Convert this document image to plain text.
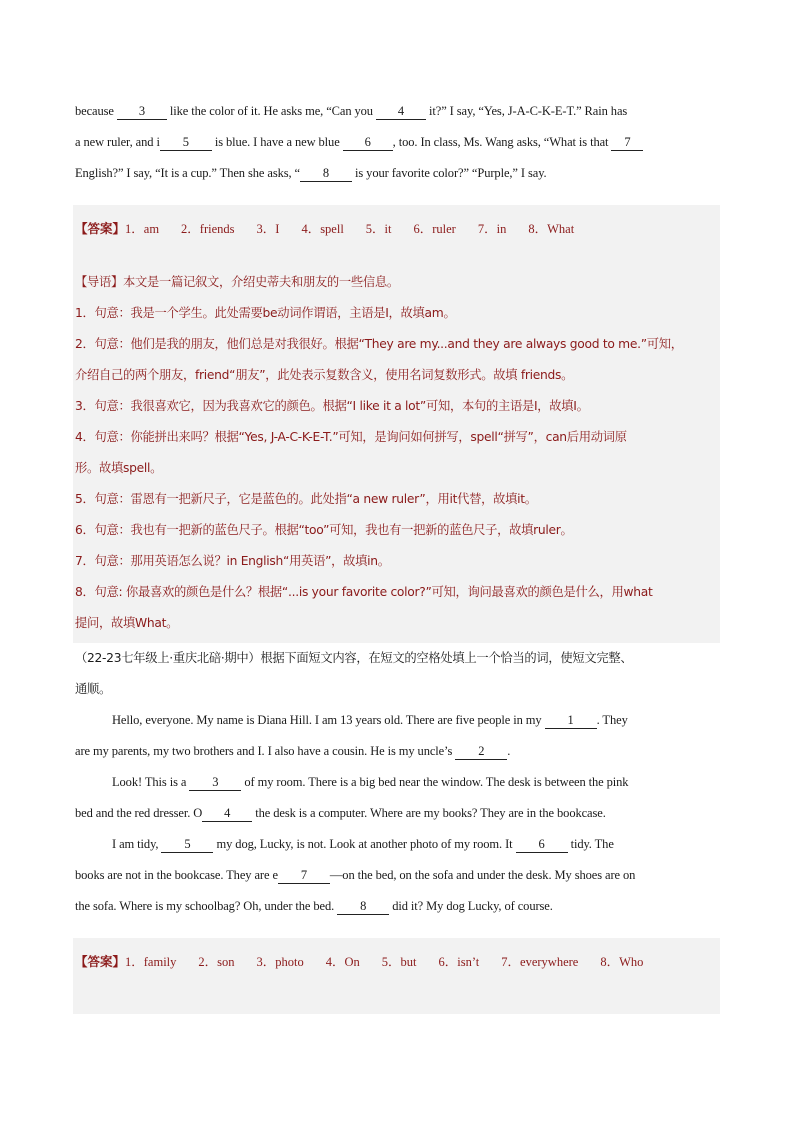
because 3 like the color of it. He asks me, “Can you 4 it?” I say, “Yes, J-A-C-K-E-T.” Rain has
a new ruler, and i 5 is blue. I have a new blue 6 , too. In class, Ms. Wang asks, “What is that 7
English?” I say, “It is a cup.” Then she asks, “ 8 is your favorite color?” “Purple,” I say.
【答案】1．am 2．friends 3．I 4．spell 5．it 6．ruler 7．in 8．What
【导语】本文是一篇记叙文，介绍史蒂夫和朋友的一些信息。
1．句意：我是一个学生。此处需要be动词作谓语，主语是I，故填am。
2．句意：他们是我的朋友，他们总是对我很好。根据“They are my...and they are always good to me.”可知，
介绍自己的两个朋友，friend“朋友”，此处表示复数含义，使用名词复数形式。故填 friends。
3．句意：我很喜欢它，因为我喜欢它的颜色。根据“I like it a lot”可知，本句的主语是I，故填I。
4．句意：你能拼出来吗？根据“Yes, J-A-C-K-E-T.”可知，是询问如何拼写，spell“拼写”，can后用动词原
形。故填spell。
5．句意：雷恩有一把新尺子，它是蓝色的。此处指“a new ruler”，用it代替，故填it。
6．句意：我也有一把新的蓝色尺子。根据“too”可知，我也有一把新的蓝色尺子，故填ruler。
7．句意：那用英语怎么说？in English“用英语”，故填in。
8．句意: 你最喜欢的颜色是什么？根据“...is your favorite color?”可知，询问最喜欢的颜色是什么，用what
提问，故填What。
（22-23七年级上·重庆北碚·期中）根据下面短文内容，在短文的空格处填上一个恰当的词，使短文完整、
通顺。
Hello, everyone. My name is Diana Hill. I am 13 years old. There are five people in my 1 . They
are my parents, my two brothers and I. I also have a cousin. He is my uncle’s 2 .
Look! This is a 3 of my room. There is a big bed near the window. The desk is between the pink
bed and the red dresser. O 4 the desk is a computer. Where are my books? They are in the bookcase.
I am tidy, 5 my dog, Lucky, is not. Look at another photo of my room. It 6 tidy. The
books are not in the bookcase. They are e 7 —on the bed, on the sofa and under the desk. My shoes are on
the sofa. Where is my schoolbag? Oh, under the bed. 8 did it? My dog Lucky, of course.
【答案】1．family 2．son 3．photo 4．On 5．but 6．isn’t 7．everywhere 8．Who
